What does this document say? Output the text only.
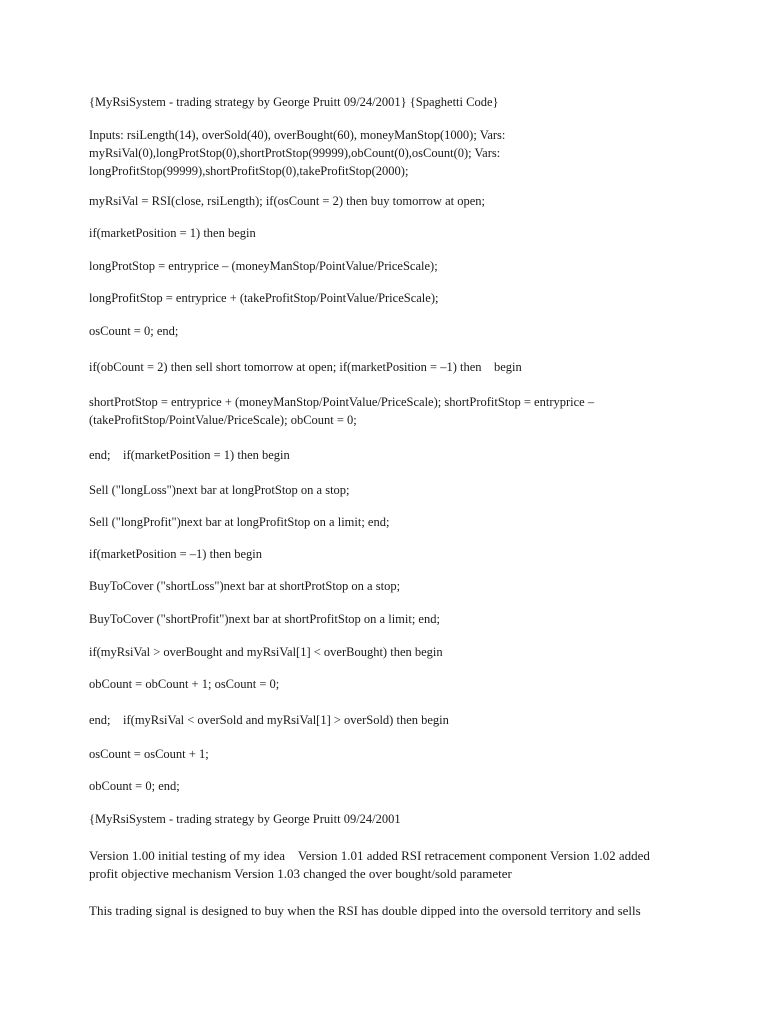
{MyRsiSystem - trading strategy by George Pruitt 09/24/2001} {Spaghetti Code}

Inputs: rsiLength(14), overSold(40), overBought(60), moneyManStop(1000); Vars: myRsiVal(0),longProtStop(0),shortProtStop(99999),obCount(0),osCount(0); Vars: longProfitStop(99999),shortProfitStop(0),takeProfitStop(2000);

myRsiVal = RSI(close, rsiLength); if(osCount = 2) then buy tomorrow at open;

if(marketPosition = 1) then begin

longProtStop = entryprice – (moneyManStop/PointValue/PriceScale);

longProfitStop = entryprice + (takeProfitStop/PointValue/PriceScale);

osCount = 0; end;

if(obCount = 2) then sell short tomorrow at open; if(marketPosition = –1) then    begin

shortProtStop = entryprice + (moneyManStop/PointValue/PriceScale); shortProfitStop = entryprice – (takeProfitStop/PointValue/PriceScale); obCount = 0;

end;    if(marketPosition = 1) then begin

Sell ("longLoss")next bar at longProtStop on a stop;

Sell ("longProfit")next bar at longProfitStop on a limit; end;

if(marketPosition = –1) then begin

BuyToCover ("shortLoss")next bar at shortProtStop on a stop;

BuyToCover ("shortProfit")next bar at shortProfitStop on a limit; end;

if(myRsiVal > overBought and myRsiVal[1] < overBought) then begin

obCount = obCount + 1; osCount = 0;

end;    if(myRsiVal < overSold and myRsiVal[1] > overSold) then begin

osCount = osCount + 1;

obCount = 0; end;

{MyRsiSystem - trading strategy by George Pruitt 09/24/2001

Version 1.00 initial testing of my idea    Version 1.01 added RSI retracement component Version 1.02 added profit objective mechanism Version 1.03 changed the over bought/sold parameter

This trading signal is designed to buy when the RSI has double dipped into the oversold territory and sells
